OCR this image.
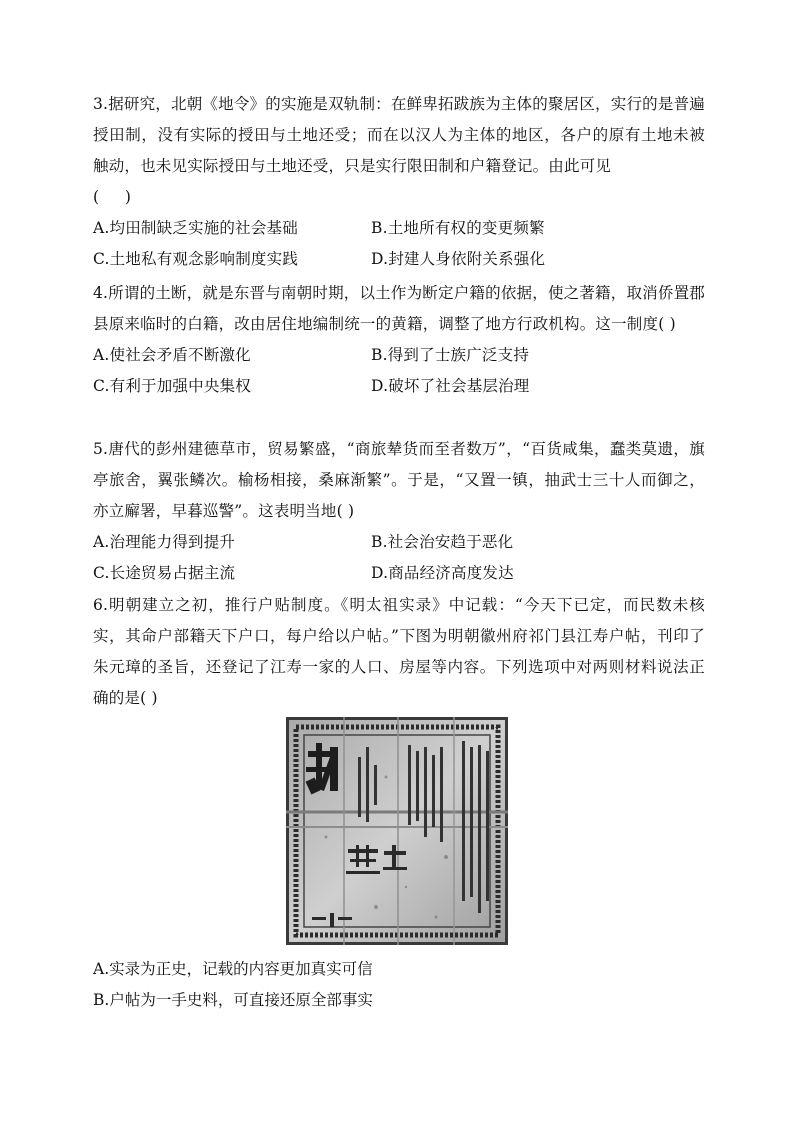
3.据研究，北朝《地令》的实施是双轨制：在鲜卑拓跋族为主体的聚居区，实行的是普遍授田制，没有实际的授田与土地还受；而在以汉人为主体的地区，各户的原有土地未被触动，也未见实际授田与土地还受，只是实行限田制和户籍登记。由此可见

(     )

A.均田制缺乏实施的社会基础	B.土地所有权的变更频繁
C.土地私有观念影响制度实践	D.封建人身依附关系强化

4.所谓的土断，就是东晋与南朝时期，以土作为断定户籍的依据，使之著籍，取消侨置郡县原来临时的白籍，改由居住地编制统一的黄籍，调整了地方行政机构。这一制度( )

A.使社会矛盾不断激化	B.得到了士族广泛支持
C.有利于加强中央集权	D.破坏了社会基层治理

5.唐代的彭州建德草市，贸易繁盛，“商旅辇货而至者数万”，“百货咸集，蠢类莫遗，旗亭旅舍，翼张鳞次。榆杨相接，桑麻渐繁”。于是，“又置一镇，抽武士三十人而御之，亦立廨署，早暮巡警”。这表明当地( )

A.治理能力得到提升	B.社会治安趋于恶化
C.长途贸易占据主流	D.商品经济高度发达

6.明朝建立之初，推行户贴制度。《明太祖实录》中记载：“今天下已定，而民数未核实，其命户部籍天下户口，每户给以户帖。”下图为明朝徽州府祁门县江寿户帖，刊印了朱元璋的圣旨，还登记了江寿一家的人口、房屋等内容。下列选项中对两则材料说法正确的是( )

A.实录为正史，记载的内容更加真实可信
B.户帖为一手史料，可直接还原全部事实
